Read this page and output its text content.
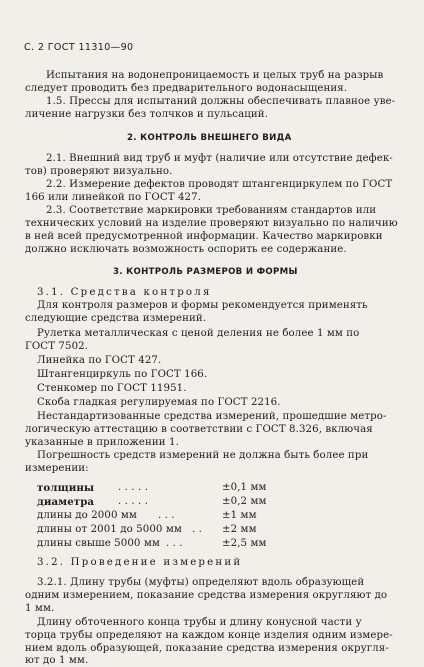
С. 2 ГОСТ 11310—90
Испытания на водонепроницаемость и целых труб на разрыв
следует проводить без предварительного водонасыщения.
1.5. Прессы для испытаний должны обеспечивать плавное уве-
личение нагрузки без толчков и пульсаций.
2. КОНТРОЛЬ ВНЕШНЕГО ВИДА
2.1. Внешний вид труб и муфт (наличие или отсутствие дефек-
тов) проверяют визуально.
2.2. Измерение дефектов проводят штангенциркулем по ГОСТ
166 или линейкой по ГОСТ 427.
2.3. Соответствие маркировки требованиям стандартов или
технических условий на изделие проверяют визуально по наличию
в ней всей предусмотренной информации. Качество маркировки
должно исключать возможность оспорить ее содержание.
3. КОНТРОЛЬ РАЗМЕРОВ И ФОРМЫ
3.1. Средства контроля
Для контроля размеров и формы рекомендуется применять
следующие средства измерений.
Рулетка металлическая с ценой деления не более 1 мм по
ГОСТ 7502.
Линейка по ГОСТ 427.
Штангенциркуль по ГОСТ 166.
Стенкомер по ГОСТ 11951.
Скоба гладкая регулируемая по ГОСТ 2216.
Нестандартизованные средства измерений, прошедшие метро-
логическую аттестацию в соответствии с ГОСТ 8.326, включая
указанные в приложении 1.
Погрешность средств измерений не должна быть более при
измерении:
толщины . . . . .	±0,1 мм
диаметра . . . . .	±0,2 мм
длины до 2000 мм . . .	±1 мм
длины от 2001 до 5000 мм . . ±2 мм
длины свыше 5000 мм . . .	±2,5 мм
3.2. Проведение измерений
3.2.1. Длину трубы (муфты) определяют вдоль образующей
одним измерением, показание средства измерения округляют до
1 мм.
Длину обточенного конца трубы и длину конусной части у
торца трубы определяют на каждом конце изделия одним измере-
нием вдоль образующей, показание средства измерения округля-
ют до 1 мм.
